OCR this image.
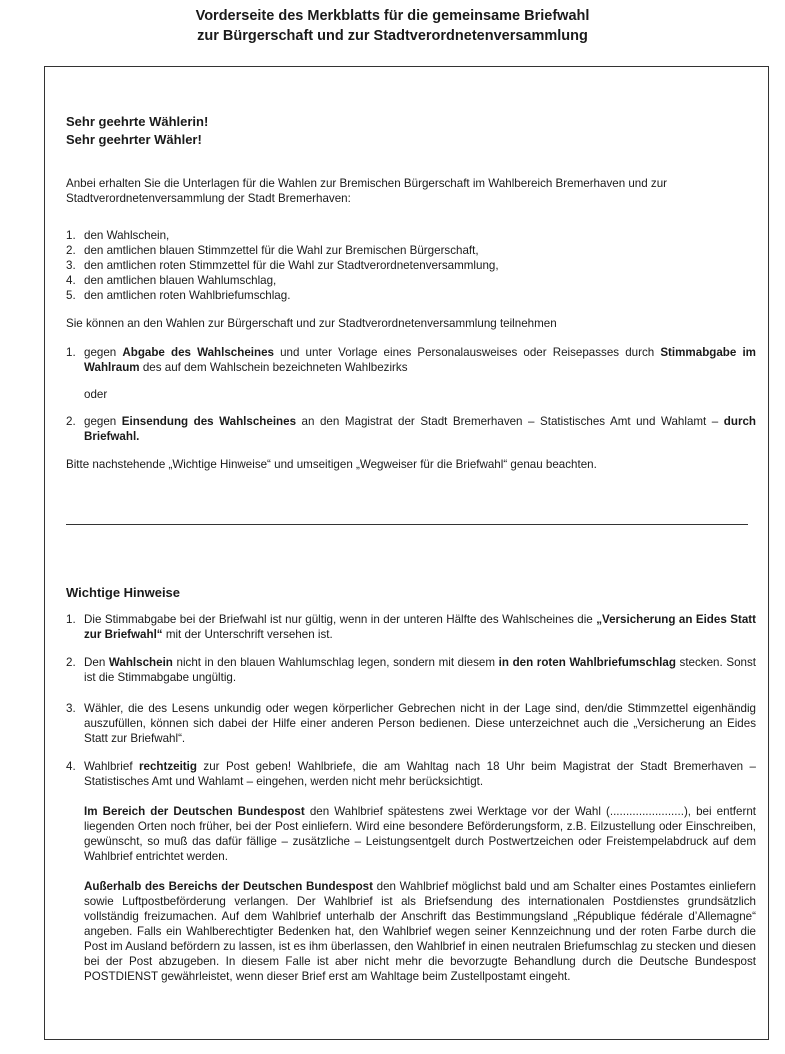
Vorderseite des Merkblatts für die gemeinsame Briefwahl
zur Bürgerschaft und zur Stadtverordnetenversammlung
Sehr geehrte Wählerin!
Sehr geehrter Wähler!

Anbei erhalten Sie die Unterlagen für die Wahlen zur Bremischen Bürgerschaft im Wahlbereich Bremerhaven und zur Stadtverordnetenversammlung der Stadt Bremerhaven:

1. den Wahlschein,
2. den amtlichen blauen Stimmzettel für die Wahl zur Bremischen Bürgerschaft,
3. den amtlichen roten Stimmzettel für die Wahl zur Stadtverordnetenversammlung,
4. den amtlichen blauen Wahlumschlag,
5. den amtlichen roten Wahlbriefumschlag.

Sie können an den Wahlen zur Bürgerschaft und zur Stadtverordnetenversammlung teilnehmen

1. gegen Abgabe des Wahlscheines und unter Vorlage eines Personalausweises oder Reisepasses durch Stimmabgabe im Wahlraum des auf dem Wahlschein bezeichneten Wahlbezirks
oder
2. gegen Einsendung des Wahlscheines an den Magistrat der Stadt Bremerhaven – Statistisches Amt und Wahlamt – durch Briefwahl.

Bitte nachstehende „Wichtige Hinweise“ und umseitigen „Wegweiser für die Briefwahl“ genau beachten.

Wichtige Hinweise
1. Die Stimmabgabe bei der Briefwahl ist nur gültig, wenn in der unteren Hälfte des Wahlscheines die „Versicherung an Eides Statt zur Briefwahl“ mit der Unterschrift versehen ist.
2. Den Wahlschein nicht in den blauen Wahlumschlag legen, sondern mit diesem in den roten Wahlbriefumschlag stecken. Sonst ist die Stimmabgabe ungültig.
3. Wähler, die des Lesens unkundig oder wegen körperlicher Gebrechen nicht in der Lage sind, den/die Stimmzettel eigenhändig auszufüllen, können sich dabei der Hilfe einer anderen Person bedienen. Diese unterzeichnet auch die „Versicherung an Eides Statt zur Briefwahl“.
4. Wahlbrief rechtzeitig zur Post geben! Wahlbriefe, die am Wahltag nach 18 Uhr beim Magistrat der Stadt Bremerhaven – Statistisches Amt und Wahlamt – eingehen, werden nicht mehr berücksichtigt.
Im Bereich der Deutschen Bundespost den Wahlbrief spätestens zwei Werktage vor der Wahl (.......................), bei entfernt liegenden Orten noch früher, bei der Post einliefern. Wird eine besondere Beförderungsform, z.B. Eilzustellung oder Einschreiben, gewünscht, so muß das dafür fällige – zusätzliche – Leistungsentgelt durch Postwertzeichen oder Freistempelabdruck auf dem Wahlbrief entrichtet werden.
Außerhalb des Bereichs der Deutschen Bundespost den Wahlbrief möglichst bald und am Schalter eines Postamtes einliefern sowie Luftpostbeförderung verlangen. Der Wahlbrief ist als Briefsendung des internationalen Postdienstes grundsätzlich vollständig freizumachen. Auf dem Wahlbrief unterhalb der Anschrift das Bestimmungsland „République fédérale d’Allemagne“ angeben. Falls ein Wahlberechtigter Bedenken hat, den Wahlbrief wegen seiner Kennzeichnung und der roten Farbe durch die Post im Ausland befördern zu lassen, ist es ihm überlassen, den Wahlbrief in einen neutralen Briefumschlag zu stecken und diesen bei der Post abzugeben. In diesem Falle ist aber nicht mehr die bevorzugte Behandlung durch die Deutsche Bundespost POSTDIENST gewährleistet, wenn dieser Brief erst am Wahltage beim Zustellpostamt eingeht.
